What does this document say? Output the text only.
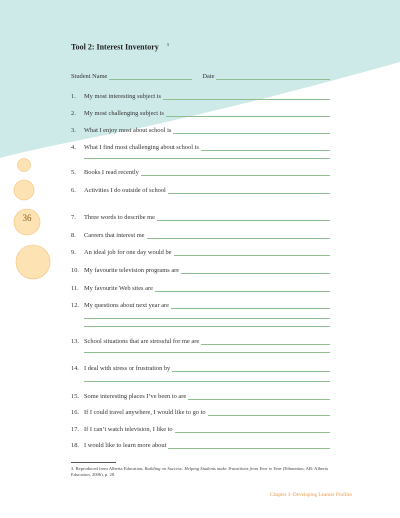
Tool 2: Interest Inventory $^3$
36
Student Name	Date
1.	My most interesting subject is
2.	My most challenging subject is
3.	What I enjoy most about school is
4.	What I find most challenging about school is
5.	Books I read recently
6.	Activities I do outside of school
7.	Three words to describe me
8.	Careers that interest me
9.	An ideal job for one day would be
10. My favourite television programs are
11. My favourite Web sites are
12. My questions about next year are
13. School situations that are stressful for me are
14. I deal with stress or frustration by
15. Some interesting places I’ve been to are
16. If I could travel anywhere, I would like to go to
17. If I can’t watch television, I like to
18. I would like to learn more about
3. Reproduced from Alberta Education, Building on Success: Helping Students make Transitions from Year to Year (Edmonton, AB: Alberta Education, 2006), p. 28.
Chapter 3–Developing Learner Profiles
